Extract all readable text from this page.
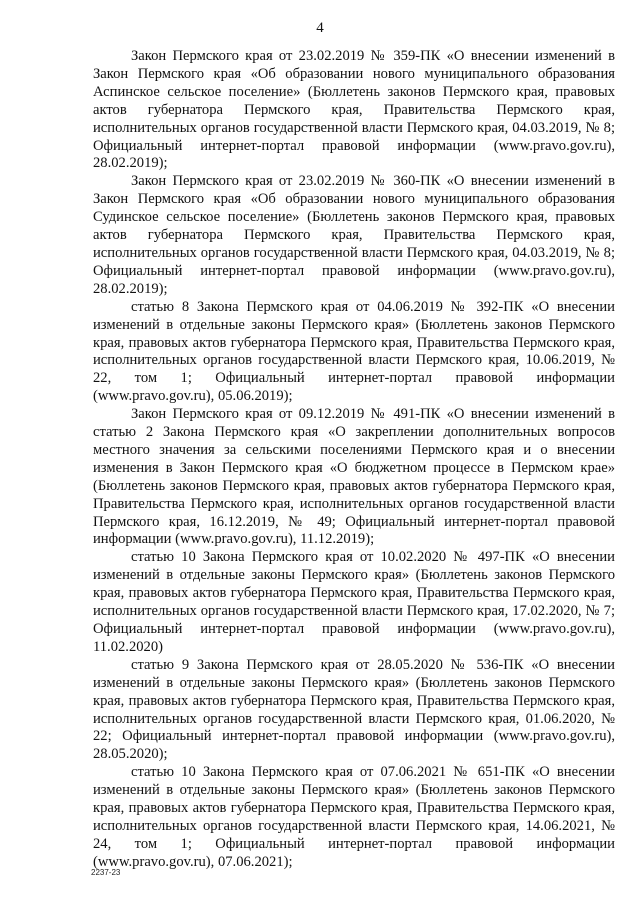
4

Закон Пермского края от 23.02.2019 № 359-ПК «О внесении изменений в Закон Пермского края «Об образовании нового муниципального образования Аспинское сельское поселение» (Бюллетень законов Пермского края, правовых актов губернатора Пермского края, Правительства Пермского края, исполнительных органов государственной власти Пермского края, 04.03.2019, № 8; Официальный интернет-портал правовой информации (www.pravo.gov.ru), 28.02.2019);

Закон Пермского края от 23.02.2019 № 360-ПК «О внесении изменений в Закон Пермского края «Об образовании нового муниципального образования Судинское сельское поселение» (Бюллетень законов Пермского края, правовых актов губернатора Пермского края, Правительства Пермского края, исполнительных органов государственной власти Пермского края, 04.03.2019, № 8; Официальный интернет-портал правовой информации (www.pravo.gov.ru), 28.02.2019);

статью 8 Закона Пермского края от 04.06.2019 № 392-ПК «О внесении изменений в отдельные законы Пермского края» (Бюллетень законов Пермского края, правовых актов губернатора Пермского края, Правительства Пермского края, исполнительных органов государственной власти Пермского края, 10.06.2019, № 22, том 1; Официальный интернет-портал правовой информации (www.pravo.gov.ru), 05.06.2019);

Закон Пермского края от 09.12.2019 № 491-ПК «О внесении изменений в статью 2 Закона Пермского края «О закреплении дополнительных вопросов местного значения за сельскими поселениями Пермского края и о внесении изменения в Закон Пермского края «О бюджетном процессе в Пермском крае» (Бюллетень законов Пермского края, правовых актов губернатора Пермского края, Правительства Пермского края, исполнительных органов государственной власти Пермского края, 16.12.2019, № 49; Официальный интернет-портал правовой информации (www.pravo.gov.ru), 11.12.2019);

статью 10 Закона Пермского края от 10.02.2020 № 497-ПК «О внесении изменений в отдельные законы Пермского края» (Бюллетень законов Пермского края, правовых актов губернатора Пермского края, Правительства Пермского края, исполнительных органов государственной власти Пермского края, 17.02.2020, № 7; Официальный интернет-портал правовой информации (www.pravo.gov.ru), 11.02.2020)

статью 9 Закона Пермского края от 28.05.2020 № 536-ПК «О внесении изменений в отдельные законы Пермского края» (Бюллетень законов Пермского края, правовых актов губернатора Пермского края, Правительства Пермского края, исполнительных органов государственной власти Пермского края, 01.06.2020, № 22; Официальный интернет-портал правовой информации (www.pravo.gov.ru), 28.05.2020);

статью 10 Закона Пермского края от 07.06.2021 № 651-ПК «О внесении изменений в отдельные законы Пермского края» (Бюллетень законов Пермского края, правовых актов губернатора Пермского края, Правительства Пермского края, исполнительных органов государственной власти Пермского края, 14.06.2021, № 24, том 1; Официальный интернет-портал правовой информации (www.pravo.gov.ru), 07.06.2021);

2237-23
